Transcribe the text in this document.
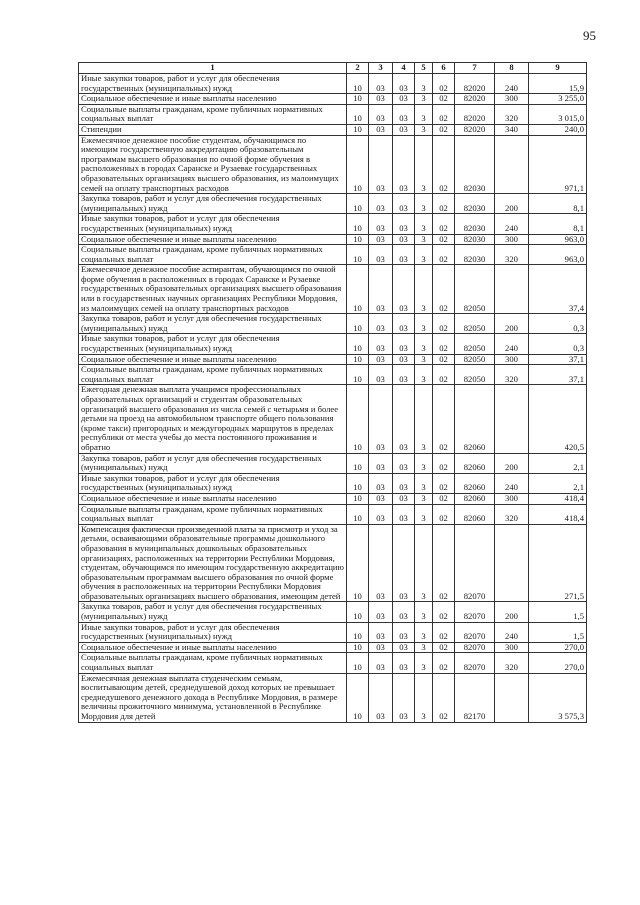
95
1	2	3	4	5	6	7	8	9
Иные закупки товаров, работ и услуг для обеспечения государственных (муниципальных) нужд	10	03	03	3	02	82020	240	15,9
Социальное обеспечение и иные выплаты населению	10	03	03	3	02	82020	300	3 255,0
Социальные выплаты гражданам, кроме публичных нормативных социальных выплат	10	03	03	3	02	82020	320	3 015,0
Стипендии	10	03	03	3	02	82020	340	240,0
Ежемесячное денежное пособие студентам, обучающимся по имеющим государственную аккредитацию образовательным программам высшего образования по очной форме обучения в расположенных в городах Саранске и Рузаевке государственных образовательных организациях высшего образования, из малоимущих семей на оплату транспортных расходов	10	03	03	3	02	82030		971,1
Закупка товаров, работ и услуг для обеспечения государственных (муниципальных) нужд	10	03	03	3	02	82030	200	8,1
Иные закупки товаров, работ и услуг для обеспечения государственных (муниципальных) нужд	10	03	03	3	02	82030	240	8,1
Социальное обеспечение и иные выплаты населению	10	03	03	3	02	82030	300	963,0
Социальные выплаты гражданам, кроме публичных нормативных социальных выплат	10	03	03	3	02	82030	320	963,0
Ежемесячное денежное пособие аспирантам, обучающимся по очной форме обучения в расположенных в городах Саранске и Рузаевке государственных образовательных организациях высшего образования или в государственных научных организациях Республики Мордовия, из малоимущих семей на оплату транспортных расходов	10	03	03	3	02	82050		37,4
Закупка товаров, работ и услуг для обеспечения государственных (муниципальных) нужд	10	03	03	3	02	82050	200	0,3
Иные закупки товаров, работ и услуг для обеспечения государственных (муниципальных) нужд	10	03	03	3	02	82050	240	0,3
Социальное обеспечение и иные выплаты населению	10	03	03	3	02	82050	300	37,1
Социальные выплаты гражданам, кроме публичных нормативных социальных выплат	10	03	03	3	02	82050	320	37,1
Ежегодная денежная выплата учащимся профессиональных образовательных организаций и студентам образовательных организаций высшего образования из числа семей с четырьмя и более детьми на проезд на автомобильном транспорте общего пользования (кроме такси) пригородных и междугородных маршрутов в пределах республики от места учебы до места постоянного проживания и обратно	10	03	03	3	02	82060		420,5
Закупка товаров, работ и услуг для обеспечения государственных (муниципальных) нужд	10	03	03	3	02	82060	200	2,1
Иные закупки товаров, работ и услуг для обеспечения государственных (муниципальных) нужд	10	03	03	3	02	82060	240	2,1
Социальное обеспечение и иные выплаты населению	10	03	03	3	02	82060	300	418,4
Социальные выплаты гражданам, кроме публичных нормативных социальных выплат	10	03	03	3	02	82060	320	418,4
Компенсация фактически произведенной платы за присмотр и уход за детьми, осваивающими образовательные программы дошкольного образования в муниципальных дошкольных образовательных организациях, расположенных на территории Республики Мордовия, студентам, обучающимся по имеющим государственную аккредитацию образовательным программам высшего образования по очной форме обучения в расположенных на территории Республики Мордовия образовательных организациях высшего образования, имеющим детей	10	03	03	3	02	82070		271,5
Закупка товаров, работ и услуг для обеспечения государственных (муниципальных) нужд	10	03	03	3	02	82070	200	1,5
Иные закупки товаров, работ и услуг для обеспечения государственных (муниципальных) нужд	10	03	03	3	02	82070	240	1,5
Социальное обеспечение и иные выплаты населению	10	03	03	3	02	82070	300	270,0
Социальные выплаты гражданам, кроме публичных нормативных социальных выплат	10	03	03	3	02	82070	320	270,0
Ежемесячная денежная выплата студенческим семьям, воспитывающим детей, среднедушевой доход которых не превышает среднедушевого денежного дохода в Республике Мордовия, в размере величины прожиточного минимума, установленной в Республике Мордовия для детей	10	03	03	3	02	82170		3 575,3
